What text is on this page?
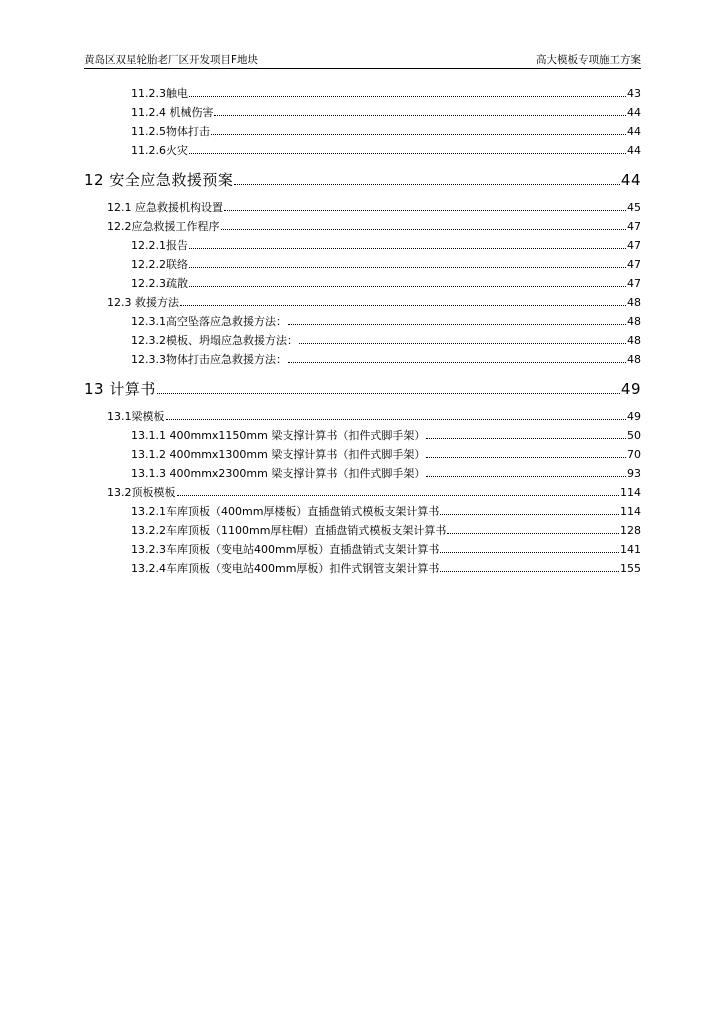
黄岛区双星轮胎老厂区开发项目F地块	高大模板专项施工方案
11.2.3触电	43
11.2.4 机械伤害	44
11.2.5物体打击	44
11.2.6火灾	44
12 安全应急救援预案	44
12.1 应急救援机构设置	45
12.2应急救援工作程序	47
12.2.1报告	47
12.2.2联络	47
12.2.3疏散	47
12.3 救援方法	48
12.3.1高空坠落应急救援方法：	48
12.3.2模板、坍塌应急救援方法：	48
12.3.3物体打击应急救援方法：	48
13 计算书	49
13.1梁模板	49
13.1.1 400mmx1150mm 梁支撑计算书（扣件式脚手架）	50
13.1.2 400mmx1300mm 梁支撑计算书（扣件式脚手架）	70
13.1.3 400mmx2300mm 梁支撑计算书（扣件式脚手架）	93
13.2顶板模板	114
13.2.1车库顶板（400mm厚楼板）直插盘销式模板支架计算书	114
13.2.2车库顶板（1100mm厚柱帽）直插盘销式模板支架计算书	128
13.2.3车库顶板（变电站400mm厚板）直插盘销式支架计算书	141
13.2.4车库顶板（变电站400mm厚板）扣件式钢管支架计算书	155
